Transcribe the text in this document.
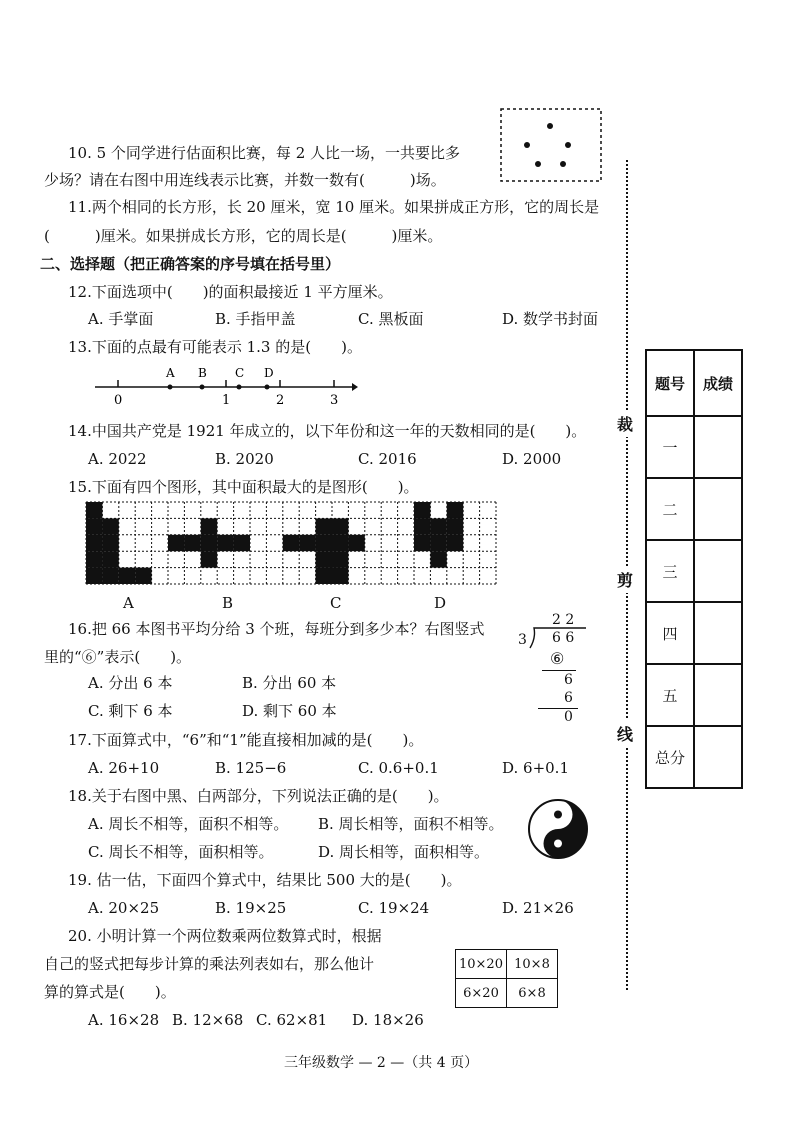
10. 5 个同学进行估面积比赛，每 2 人比一场，一共要比多
少场？请在右图中用连线表示比赛，并数一数有(　　　)场。
11.两个相同的长方形，长 20 厘米，宽 10 厘米。如果拼成正方形，它的周长是
(　　　)厘米。如果拼成长方形，它的周长是(　　　)厘米。
二、选择题（把正确答案的序号填在括号里）
12.下面选项中(　　)的面积最接近 1 平方厘米。
A. 手掌面	B. 手指甲盖	C. 黑板面	D. 数学书封面
13.下面的点最有可能表示 1.3 的是(　　)。
A B C D
0	1	2	3
14.中国共产党是 1921 年成立的，以下年份和这一年的天数相同的是(　　)。
A. 2022	B. 2020	C. 2016	D. 2000
15.下面有四个图形，其中面积最大的是图形(　　)。
A	B	C	D
16.把 66 本图书平均分给 3 个班，每班分到多少本？右图竖式
里的“⑥”表示(　　)。
A. 分出 6 本	B. 分出 60 本
C. 剩下 6 本	D. 剩下 60 本
2 2
3 6 6
⑥
6
6
0
17.下面算式中，“6”和“1”能直接相加减的是(　　)。
A. 26+10	B. 125−6	C. 0.6+0.1	D. 6+0.1
18.关于右图中黑、白两部分，下列说法正确的是(　　)。
A. 周长不相等，面积不相等。 B. 周长相等，面积不相等。
C. 周长不相等，面积相等。	D. 周长相等，面积相等。
19. 估一估，下面四个算式中，结果比 500 大的是(　　)。
A. 20×25	B. 19×25	C. 19×24	D. 21×26
20. 小明计算一个两位数乘两位数算式时，根据
自己的竖式把每步计算的乘法列表如右，那么他计
算的算式是(　　)。
A. 16×28 B. 12×68 C. 62×81 D. 18×26
10×20	10×8
6×20	6×8
裁
剪
线
题号	成绩
一	
二	
三	
四	
五	
总分	
三年级数学 — 2 —（共 4 页）
